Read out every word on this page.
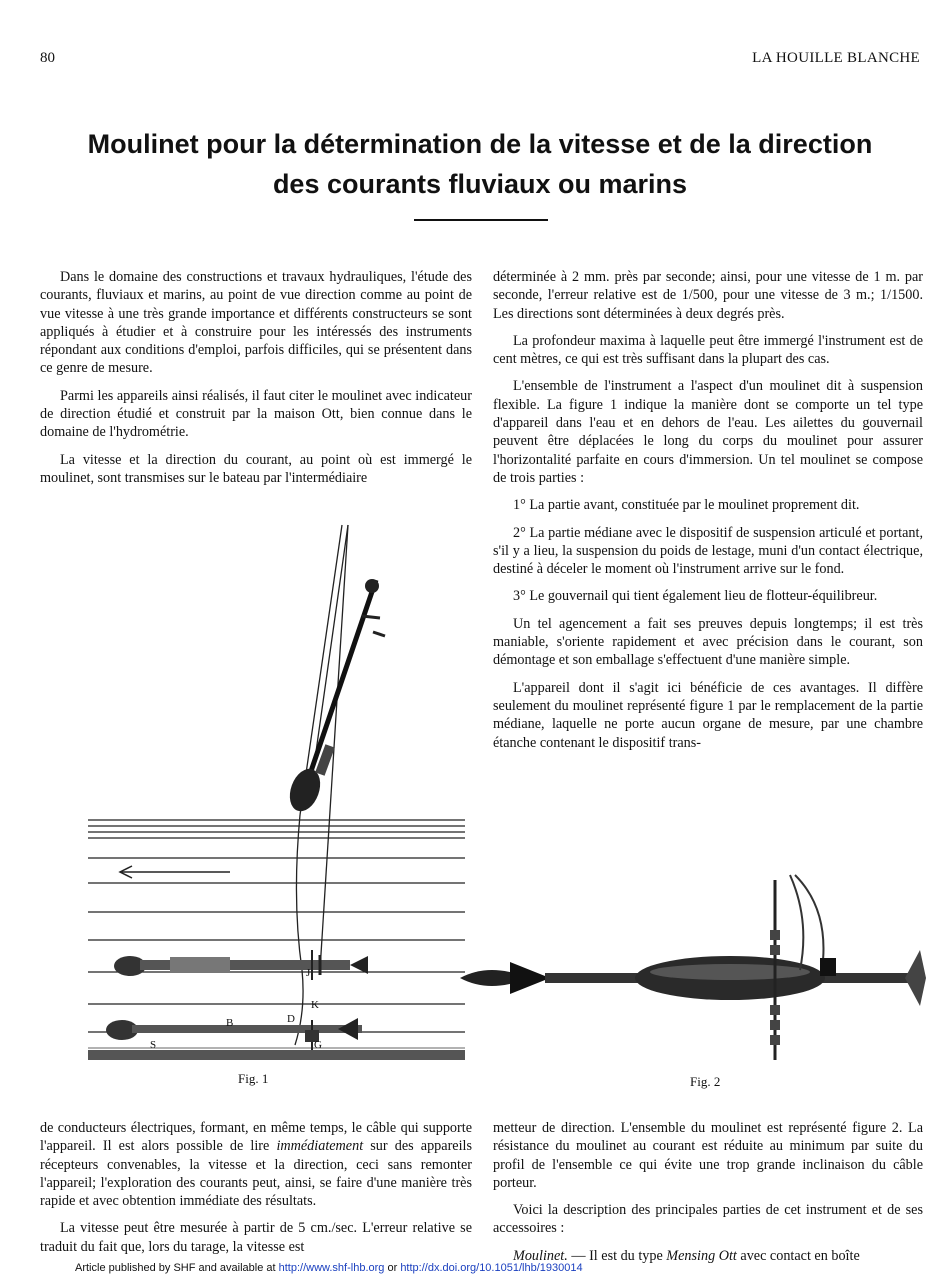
80	LA HOUILLE BLANCHE
Moulinet pour la détermination de la vitesse et de la direction
des courants fluviaux ou marins

Dans le domaine des constructions et travaux hydrauliques, l'étude des courants, fluviaux et marins, au point de vue direction comme au point de vue vitesse à une très grande importance et différents constructeurs se sont appliqués à étudier et à construire pour les intéressés des instruments répondant aux conditions d'emploi, parfois difficiles, qui se présentent dans ce genre de mesure.

Parmi les appareils ainsi réalisés, il faut citer le moulinet avec indicateur de direction étudié et construit par la maison Ott, bien connue dans le domaine de l'hydrométrie.

La vitesse et la direction du courant, au point où est immergé le moulinet, sont transmises sur le bateau par l'intermédiaire

déterminée à 2 mm. près par seconde; ainsi, pour une vitesse de 1 m. par seconde, l'erreur relative est de 1/500, pour une vitesse de 3 m.; 1/1500. Les directions sont déterminées à deux degrés près.

La profondeur maxima à laquelle peut être immergé l'instrument est de cent mètres, ce qui est très suffisant dans la plupart des cas.

L'ensemble de l'instrument a l'aspect d'un moulinet dit à suspension flexible. La figure 1 indique la manière dont se comporte un tel type d'appareil dans l'eau et en dehors de l'eau. Les ailettes du gouvernail peuvent être déplacées le long du corps du moulinet pour assurer l'horizontalité parfaite en cours d'immersion. Un tel moulinet se compose de trois parties :

1° La partie avant, constituée par le moulinet proprement dit.

2° La partie médiane avec le dispositif de suspension articulé et portant, s'il y a lieu, la suspension du poids de lestage, muni d'un contact électrique, destiné à déceler le moment où l'instrument arrive sur le fond.

3° Le gouvernail qui tient également lieu de flotteur-équilibreur.

Un tel agencement a fait ses preuves depuis longtemps; il est très maniable, s'oriente rapidement et avec précision dans le courant, son démontage et son emballage s'effectuent d'une manière simple.

L'appareil dont il s'agit ici bénéficie de ces avantages. Il diffère seulement du moulinet représenté figure 1 par le remplacement de la partie médiane, laquelle ne porte aucun organe de mesure, par une chambre étanche contenant le dispositif trans-

B
S
D
K
G
J
Fig. 1	Fig. 2

de conducteurs électriques, formant, en même temps, le câble qui supporte l'appareil. Il est alors possible de lire immédiatement sur des appareils récepteurs convenables, la vitesse et la direction, ceci sans remonter l'appareil; l'exploration des courants peut, ainsi, se faire d'une manière très rapide et avec obtention immédiate des résultats.

La vitesse peut être mesurée à partir de 5 cm./sec. L'erreur relative se traduit du fait que, lors du tarage, la vitesse est

metteur de direction. L'ensemble du moulinet est représenté figure 2. La résistance du moulinet au courant est réduite au minimum par suite du profil de l'ensemble ce qui évite une trop grande inclinaison du câble porteur.

Voici la description des principales parties de cet instrument et de ses accessoires :

Moulinet. — Il est du type Mensing Ott avec contact en boîte

Article published by SHF and available at http://www.shf-lhb.org or http://dx.doi.org/10.1051/lhb/1930014
